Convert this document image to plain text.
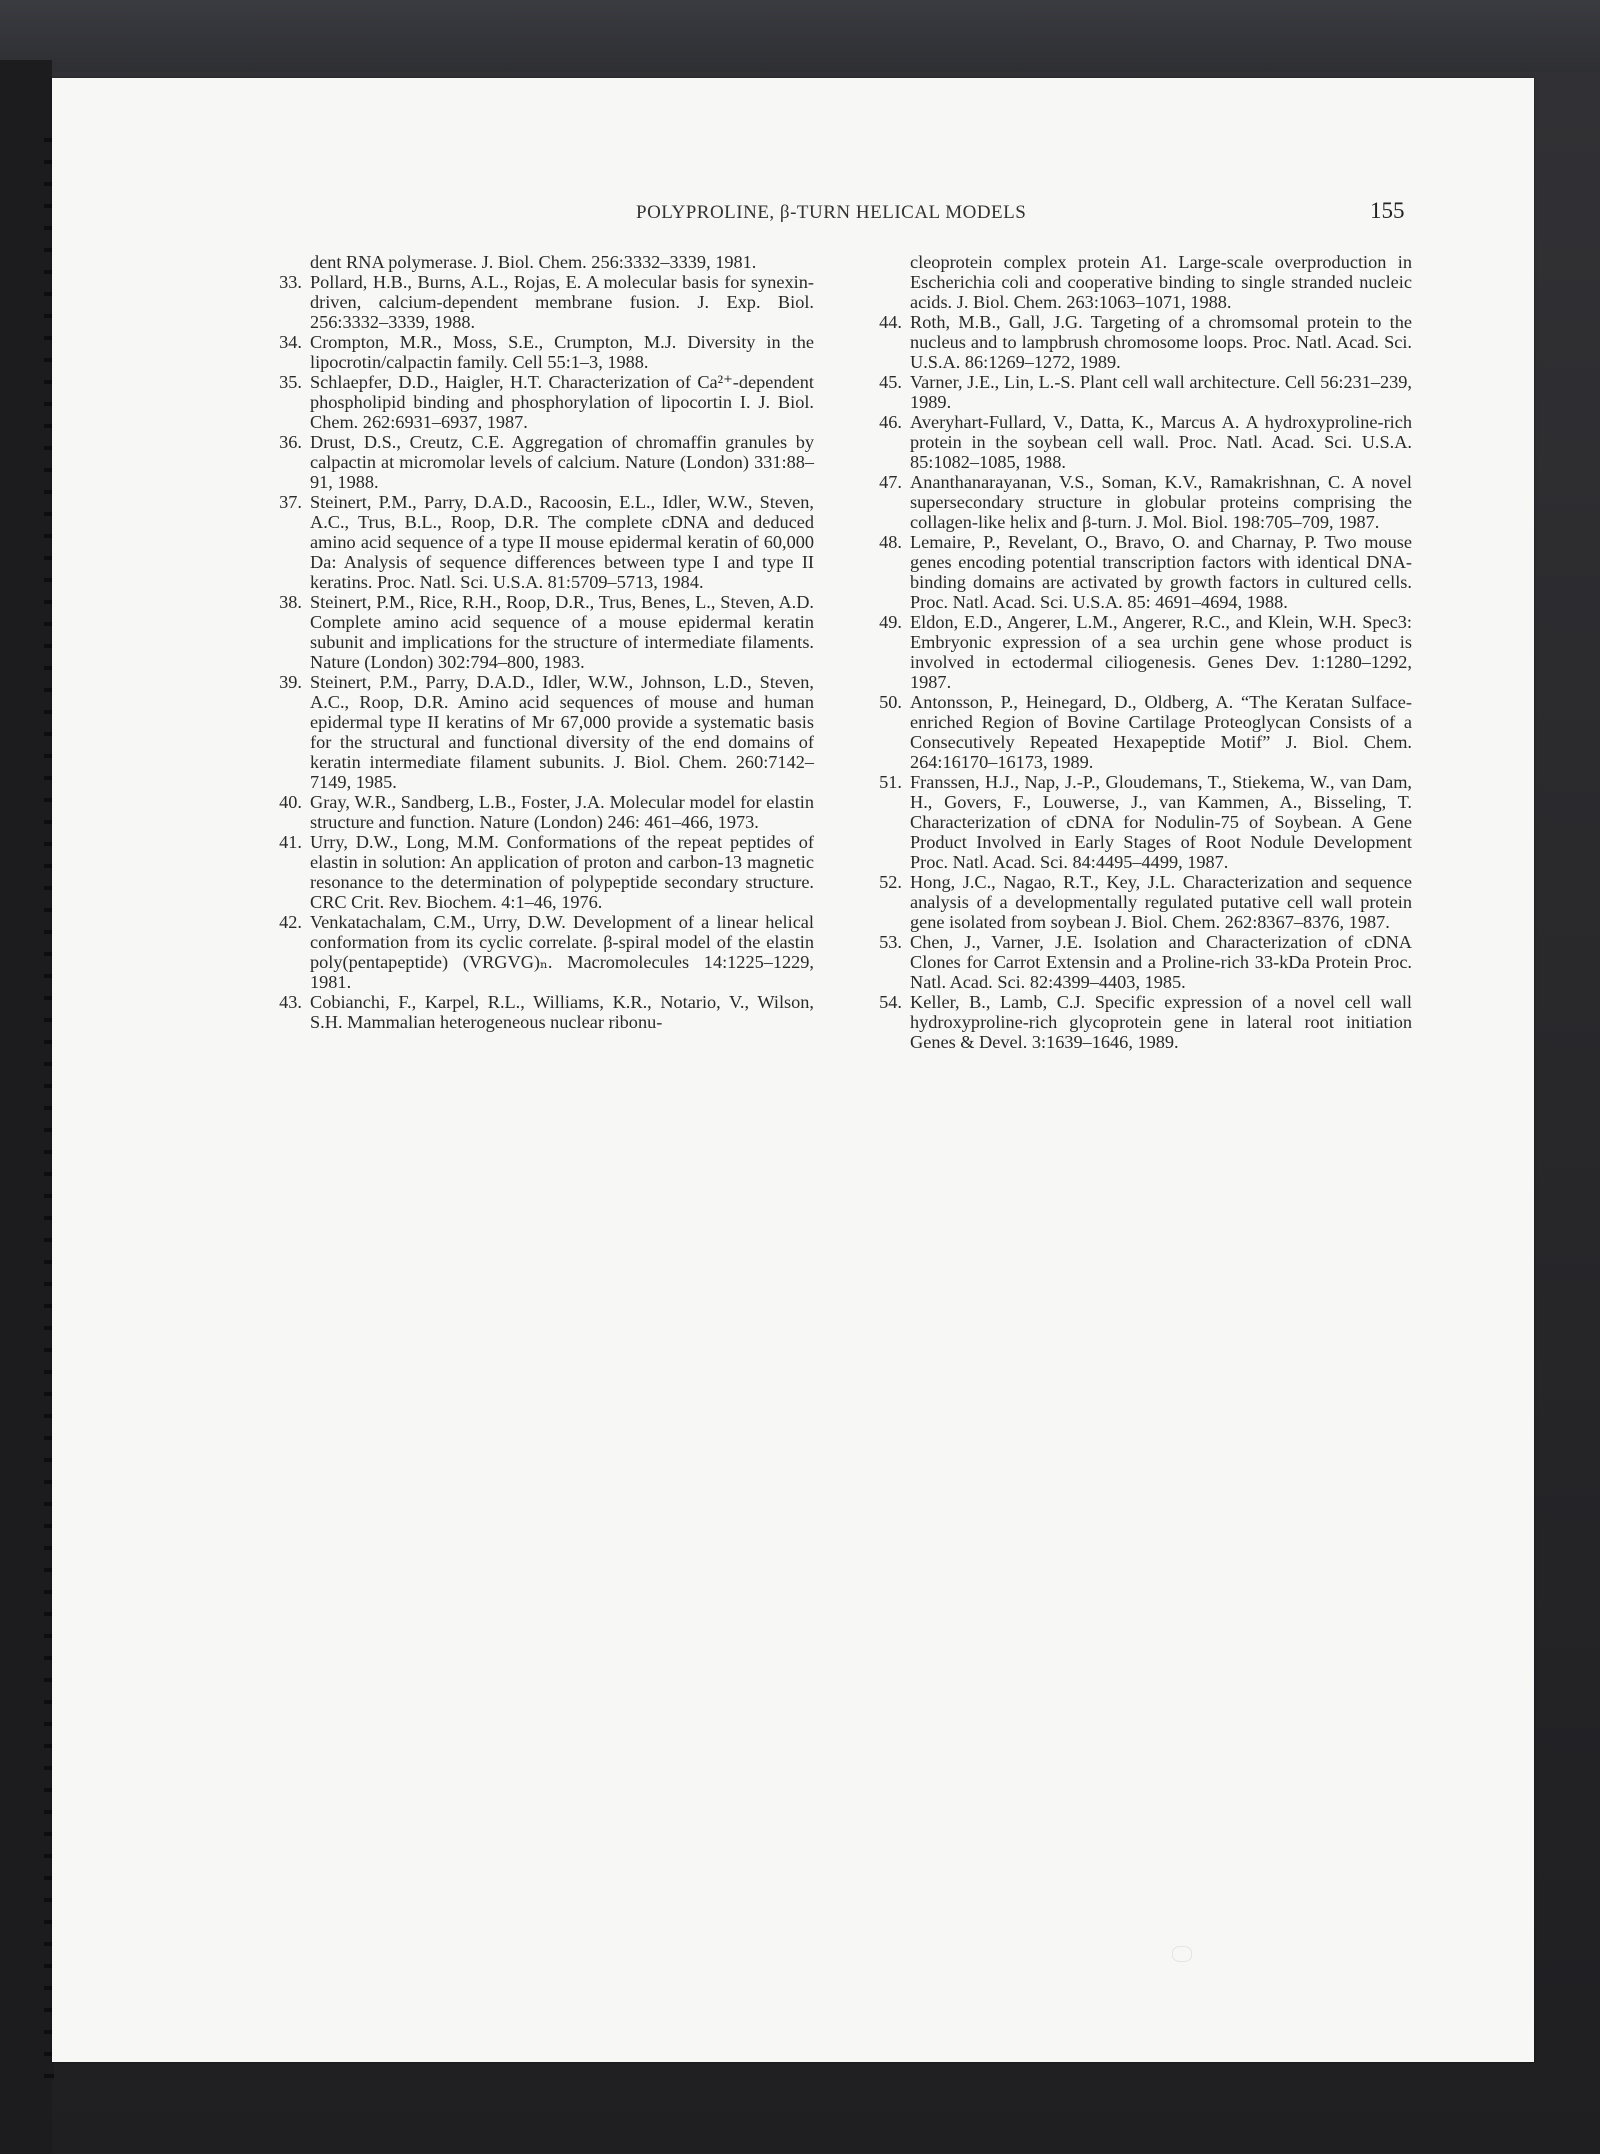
POLYPROLINE, β-TURN HELICAL MODELS	155
dent RNA polymerase. J. Biol. Chem. 256:3332–3339, 1981.
33. Pollard, H.B., Burns, A.L., Rojas, E. A molecular basis for synexin-driven, calcium-dependent membrane fusion. J. Exp. Biol. 256:3332–3339, 1988.
34. Crompton, M.R., Moss, S.E., Crumpton, M.J. Diversity in the lipocrotin/calpactin family. Cell 55:1–3, 1988.
35. Schlaepfer, D.D., Haigler, H.T. Characterization of Ca²⁺-dependent phospholipid binding and phosphorylation of lipocortin I. J. Biol. Chem. 262:6931–6937, 1987.
36. Drust, D.S., Creutz, C.E. Aggregation of chromaffin granules by calpactin at micromolar levels of calcium. Nature (London) 331:88–91, 1988.
37. Steinert, P.M., Parry, D.A.D., Racoosin, E.L., Idler, W.W., Steven, A.C., Trus, B.L., Roop, D.R. The complete cDNA and deduced amino acid sequence of a type II mouse epidermal keratin of 60,000 Da: Analysis of sequence differences between type I and type II keratins. Proc. Natl. Sci. U.S.A. 81:5709–5713, 1984.
38. Steinert, P.M., Rice, R.H., Roop, D.R., Trus, Benes, L., Steven, A.D. Complete amino acid sequence of a mouse epidermal keratin subunit and implications for the structure of intermediate filaments. Nature (London) 302:794–800, 1983.
39. Steinert, P.M., Parry, D.A.D., Idler, W.W., Johnson, L.D., Steven, A.C., Roop, D.R. Amino acid sequences of mouse and human epidermal type II keratins of Mr 67,000 provide a systematic basis for the structural and functional diversity of the end domains of keratin intermediate filament subunits. J. Biol. Chem. 260:7142–7149, 1985.
40. Gray, W.R., Sandberg, L.B., Foster, J.A. Molecular model for elastin structure and function. Nature (London) 246: 461–466, 1973.
41. Urry, D.W., Long, M.M. Conformations of the repeat peptides of elastin in solution: An application of proton and carbon-13 magnetic resonance to the determination of polypeptide secondary structure. CRC Crit. Rev. Biochem. 4:1–46, 1976.
42. Venkatachalam, C.M., Urry, D.W. Development of a linear helical conformation from its cyclic correlate. β-spiral model of the elastin poly(pentapeptide) (VRGVG)ₙ. Macromolecules 14:1225–1229, 1981.
43. Cobianchi, F., Karpel, R.L., Williams, K.R., Notario, V., Wilson, S.H. Mammalian heterogeneous nuclear ribonu-
cleoprotein complex protein A1. Large-scale overproduction in Escherichia coli and cooperative binding to single stranded nucleic acids. J. Biol. Chem. 263:1063–1071, 1988.
44. Roth, M.B., Gall, J.G. Targeting of a chromsomal protein to the nucleus and to lampbrush chromosome loops. Proc. Natl. Acad. Sci. U.S.A. 86:1269–1272, 1989.
45. Varner, J.E., Lin, L.-S. Plant cell wall architecture. Cell 56:231–239, 1989.
46. Averyhart-Fullard, V., Datta, K., Marcus A. A hydroxyproline-rich protein in the soybean cell wall. Proc. Natl. Acad. Sci. U.S.A. 85:1082–1085, 1988.
47. Ananthanarayanan, V.S., Soman, K.V., Ramakrishnan, C. A novel supersecondary structure in globular proteins comprising the collagen-like helix and β-turn. J. Mol. Biol. 198:705–709, 1987.
48. Lemaire, P., Revelant, O., Bravo, O. and Charnay, P. Two mouse genes encoding potential transcription factors with identical DNA-binding domains are activated by growth factors in cultured cells. Proc. Natl. Acad. Sci. U.S.A. 85: 4691–4694, 1988.
49. Eldon, E.D., Angerer, L.M., Angerer, R.C., and Klein, W.H. Spec3: Embryonic expression of a sea urchin gene whose product is involved in ectodermal ciliogenesis. Genes Dev. 1:1280–1292, 1987.
50. Antonsson, P., Heinegard, D., Oldberg, A. “The Keratan Sulface-enriched Region of Bovine Cartilage Proteoglycan Consists of a Consecutively Repeated Hexapeptide Motif” J. Biol. Chem. 264:16170–16173, 1989.
51. Franssen, H.J., Nap, J.-P., Gloudemans, T., Stiekema, W., van Dam, H., Govers, F., Louwerse, J., van Kammen, A., Bisseling, T. Characterization of cDNA for Nodulin-75 of Soybean. A Gene Product Involved in Early Stages of Root Nodule Development Proc. Natl. Acad. Sci. 84:4495–4499, 1987.
52. Hong, J.C., Nagao, R.T., Key, J.L. Characterization and sequence analysis of a developmentally regulated putative cell wall protein gene isolated from soybean J. Biol. Chem. 262:8367–8376, 1987.
53. Chen, J., Varner, J.E. Isolation and Characterization of cDNA Clones for Carrot Extensin and a Proline-rich 33-kDa Protein Proc. Natl. Acad. Sci. 82:4399–4403, 1985.
54. Keller, B., Lamb, C.J. Specific expression of a novel cell wall hydroxyproline-rich glycoprotein gene in lateral root initiation Genes & Devel. 3:1639–1646, 1989.
